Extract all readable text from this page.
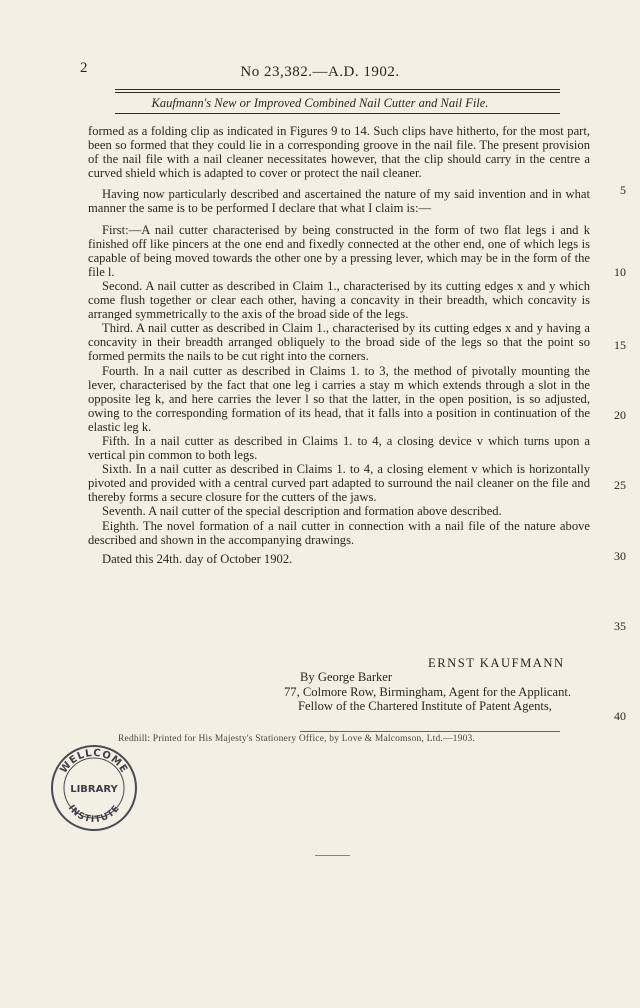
2	No 23,382.—A.D. 1902.
Kaufmann's New or Improved Combined Nail Cutter and Nail File.

formed as a folding clip as indicated in Figures 9 to 14. Such clips have hitherto, for the most part, been so formed that they could lie in a corresponding groove in the nail file. The present provision of the nail file with a nail cleaner necessitates however, that the clip should carry in the centre a curved shield which is adapted to cover or protect the nail cleaner.

Having now particularly described and ascertained the nature of my said invention and in what manner the same is to be performed I declare that what I claim is:—

First:—A nail cutter characterised by being constructed in the form of two flat legs i and k finished off like pincers at the one end and fixedly connected at the other end, one of which legs is capable of being moved towards the other one by a pressing lever, which may be in the form of the file l.

Second. A nail cutter as described in Claim 1., characterised by its cutting edges x and y which come flush together or clear each other, having a concavity in their breadth, which concavity is arranged symmetrically to the axis of the broad side of the legs.

Third. A nail cutter as described in Claim 1., characterised by its cutting edges x and y having a concavity in their breadth arranged obliquely to the broad side of the legs so that the point so formed permits the nails to be cut right into the corners.

Fourth. In a nail cutter as described in Claims 1. to 3, the method of pivotally mounting the lever, characterised by the fact that one leg i carries a stay m which extends through a slot in the opposite leg k, and here carries the lever l so that the latter, in the open position, is so adjusted, owing to the corresponding formation of its head, that it falls into a position in continuation of the elastic leg k.

Fifth. In a nail cutter as described in Claims 1. to 4, a closing device v which turns upon a vertical pin common to both legs.

Sixth. In a nail cutter as described in Claims 1. to 4, a closing element v which is horizontally pivoted and provided with a central curved part adapted to surround the nail cleaner on the file and thereby forms a secure closure for the cutters of the jaws.

Seventh. A nail cutter of the special description and formation above described.

Eighth. The novel formation of a nail cutter in connection with a nail file of the nature above described and shown in the accompanying drawings.

Dated this 24th. day of October 1902.

ERNST KAUFMANN
By George Barker
77, Colmore Row, Birmingham, Agent for the Applicant.
Fellow of the Chartered Institute of Patent Agents,
5
10
15
20
25
30
35
40
Redhill: Printed for His Majesty's Stationery Office, by Love & Malcomson, Ltd.—1903.
WELLCOME
LIBRARY
INSTITUTE
